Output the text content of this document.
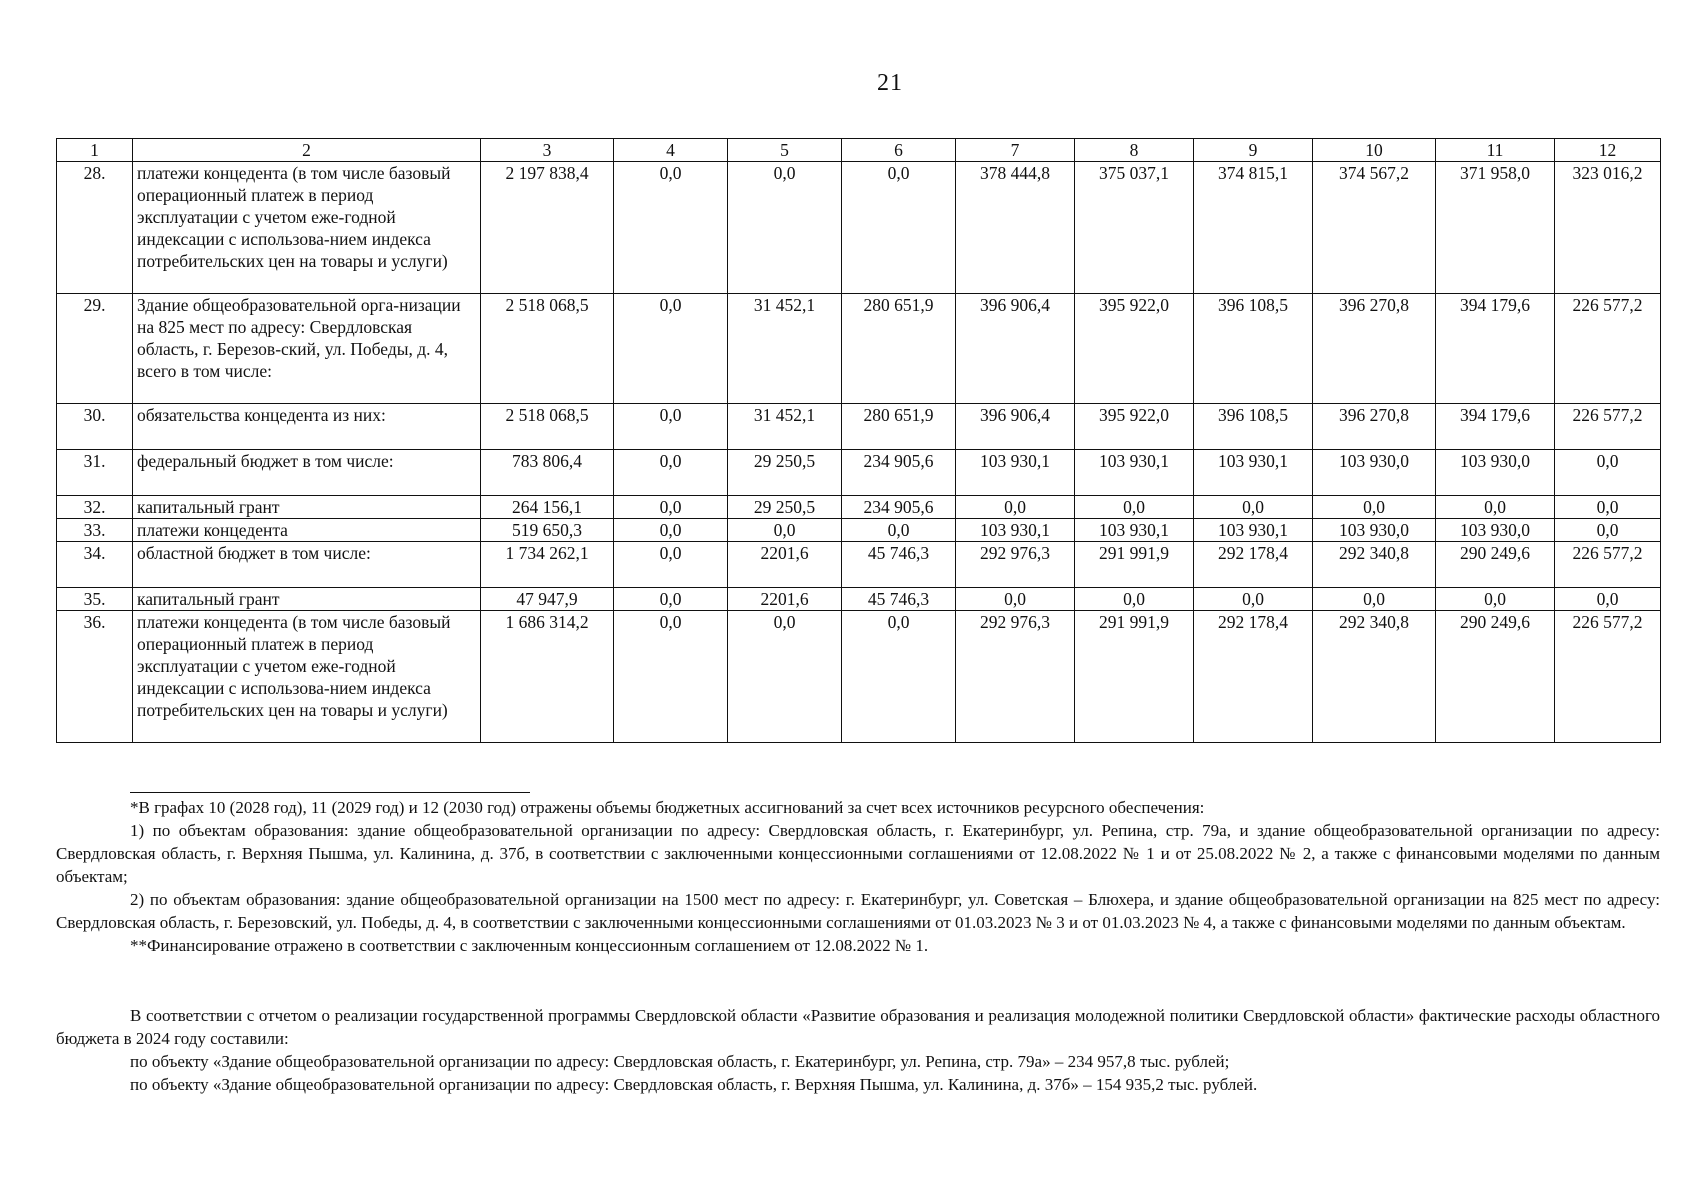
21
1	2	3	4	5	6	7	8	9	10	11	12
28.	платежи концедента (в том числе базовый операционный платеж в период эксплуатации с учетом еже-годной индексации с использова-нием индекса потребительских цен на товары и услуги)	2 197 838,4	0,0	0,0	0,0	378 444,8	375 037,1	374 815,1	374 567,2	371 958,0	323 016,2
29.	Здание общеобразовательной орга-низации на 825 мест по адресу: Свердловская область, г. Березов-ский, ул. Победы, д. 4, всего в том числе:	2 518 068,5	0,0	31 452,1	280 651,9	396 906,4	395 922,0	396 108,5	396 270,8	394 179,6	226 577,2
30.	обязательства концедента из них:	2 518 068,5	0,0	31 452,1	280 651,9	396 906,4	395 922,0	396 108,5	396 270,8	394 179,6	226 577,2
31.	федеральный бюджет в том числе:	783 806,4	0,0	29 250,5	234 905,6	103 930,1	103 930,1	103 930,1	103 930,0	103 930,0	0,0
32.	капитальный грант	264 156,1	0,0	29 250,5	234 905,6	0,0	0,0	0,0	0,0	0,0	0,0
33.	платежи концедента	519 650,3	0,0	0,0	0,0	103 930,1	103 930,1	103 930,1	103 930,0	103 930,0	0,0
34.	областной бюджет в том числе:	1 734 262,1	0,0	2201,6	45 746,3	292 976,3	291 991,9	292 178,4	292 340,8	290 249,6	226 577,2
35.	капитальный грант	47 947,9	0,0	2201,6	45 746,3	0,0	0,0	0,0	0,0	0,0	0,0
36.	платежи концедента (в том числе базовый операционный платеж в период эксплуатации с учетом еже-годной индексации с использова-нием индекса потребительских цен на товары и услуги)	1 686 314,2	0,0	0,0	0,0	292 976,3	291 991,9	292 178,4	292 340,8	290 249,6	226 577,2

*В графах 10 (2028 год), 11 (2029 год) и 12 (2030 год) отражены объемы бюджетных ассигнований за счет всех источников ресурсного обеспечения:

1) по объектам образования: здание общеобразовательной организации по адресу: Свердловская область, г. Екатеринбург, ул. Репина, стр. 79а, и здание общеобразовательной организации по адресу: Свердловская область, г. Верхняя Пышма, ул. Калинина, д. 37б, в соответствии с заключенными концессионными соглашениями от 12.08.2022 № 1 и от 25.08.2022 № 2, а также с финансовыми моделями по данным объектам;

2) по объектам образования: здание общеобразовательной организации на 1500 мест по адресу: г. Екатеринбург, ул. Советская – Блюхера, и здание общеобразовательной организации на 825 мест по адресу: Свердловская область, г. Березовский, ул. Победы, д. 4, в соответствии с заключенными концессионными соглашениями от 01.03.2023 № 3 и от 01.03.2023 № 4, а также с финансовыми моделями по данным объектам.

**Финансирование отражено в соответствии с заключенным концессионным соглашением от 12.08.2022 № 1.

В соответствии с отчетом о реализации государственной программы Свердловской области «Развитие образования и реализация молодежной политики Свердловской области» фактические расходы областного бюджета в 2024 году составили:

по объекту «Здание общеобразовательной организации по адресу: Свердловская область, г. Екатеринбург, ул. Репина, стр. 79а» – 234 957,8 тыс. рублей;

по объекту «Здание общеобразовательной организации по адресу: Свердловская область, г. Верхняя Пышма, ул. Калинина, д. 37б» – 154 935,2 тыс. рублей.
